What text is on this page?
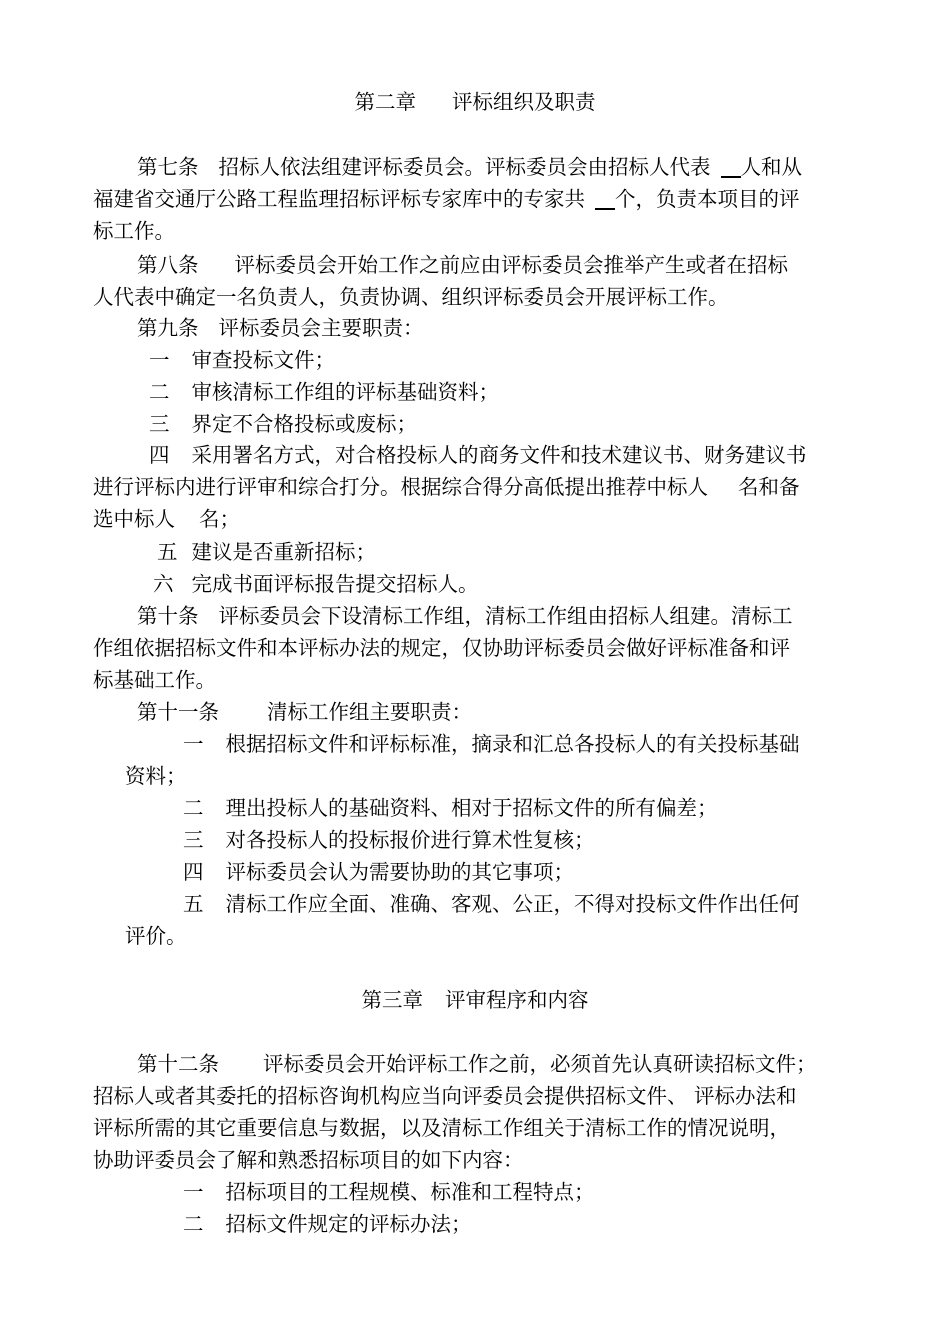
第二章 评标组织及职责
第七条 招标人依法组建评标委员会。评标委员会由招标人代表 人和从
福建省交通厅公路工程监理招标评标专家库中的专家共 个，负责本项目的评
标工作。
第八条 评标委员会开始工作之前应由评标委员会推举产生或者在招标
人代表中确定一名负责人，负责协调、组织评标委员会开展评标工作。
第九条 评标委员会主要职责：
一 审查投标文件；
二 审核清标工作组的评标基础资料；
三 界定不合格投标或废标；
四 采用署名方式，对合格投标人的商务文件和技术建议书、财务建议书
进行评标内进行评审和综合打分。根据综合得分高低提出推荐中标人 名和备
选中标人 名；
五 建议是否重新招标；
六 完成书面评标报告提交招标人。
第十条 评标委员会下设清标工作组，清标工作组由招标人组建。清标工
作组依据招标文件和本评标办法的规定，仅协助评标委员会做好评标准备和评
标基础工作。
第十一条 清标工作组主要职责：
一 根据招标文件和评标标准，摘录和汇总各投标人的有关投标基础
资料；
二 理出投标人的基础资料、相对于招标文件的所有偏差；
三 对各投标人的投标报价进行算术性复核；
四 评标委员会认为需要协助的其它事项；
五 清标工作应全面、准确、客观、公正，不得对投标文件作出任何
评价。
第三章 评审程序和内容
第十二条 评标委员会开始评标工作之前，必须首先认真研读招标文件；
招标人或者其委托的招标咨询机构应当向评委员会提供招标文件、 评标办法和
评标所需的其它重要信息与数据，以及清标工作组关于清标工作的情况说明，
协助评委员会了解和熟悉招标项目的如下内容：
一 招标项目的工程规模、标准和工程特点；
二 招标文件规定的评标办法；
